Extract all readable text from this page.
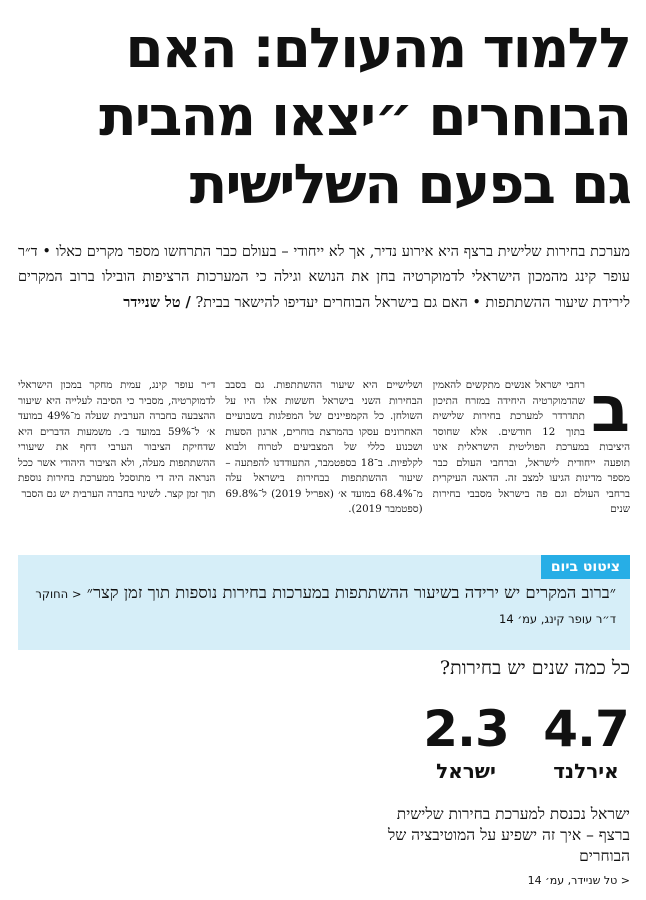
ללמוד מהעולם: האם
הבוחרים ״יצאו מהבית
גם בפעם השלישית
מערכת בחירות שלישית ברצף היא אירוע נדיר, אך לא ייחודי – בעולם כבר התרחשו מספר מקרים כאלו • ד״ר עופר קינג מהמכון הישראלי לדמוקרטיה בחן את הנושא וגילה כי המערכות הרציפות הובילו ברוב המקרים לירידת שיעור ההשתתפות • האם גם בישראל הבוחרים יעדיפו להישאר בבית? / טל שניידר
ב
רחבי ישראל אנשים מתקשים להאמין שהדמוקרטיה היחידה במזרח התיכון תתדרדר למערכת בחירות שלישית בתוך 12 חודשים. אלא שחוסר היציבות במערכת הפוליטית הישראלית אינו תופעה ייחודית לישראל, וברחבי העולם כבר מספר מדינות הגיעו למצב זה. הדאגה העיקרית ברחבי העולם וגם פה בישראל מסבבי בחירות שנים
ושלישיים היא שיעור ההשתתפות. גם בסבב הבחירות השני בישראל חששות אלו היו על השולחן. כל הקמפיינים של המפלגות בשבועיים האחרונים עסקו בהמרצת בוחרים, ארגון הסעות ושכנוע כללי של המצביעים לטרוח ולבוא לקלפיות. ב־18 בספטמבר, התעודדנו להפתעה – שיעור ההשתתפות בבחירות בישראל עלה מ־68.4% במועד א׳ (אפריל 2019) ל־69.8% (ספטמבר 2019).
ד״ר עופר קינג, עמית מחקר במכון הישראלי לדמוקרטיה, מסביר כי הסיבה לעלייה היא שיעור ההצבעה בחברה הערבית שעלה מ־49% במועד א׳ ל־59% במועד ב׳. משמעות הדברים היא שדחיקת הציבור הערבי דחף את שיעורי ההשתתפות מעלה, ולא הציבור היהודי אשר ככל הנראה היה די מתוסכל ממערכת בחירות נוספת תוך זמן קצר. לשינוי בחברה הערבית יש גם הסבר
ציטוט ביום
״ברוב המקרים יש ירידה בשיעור ההשתתפות במערכות בחירות נוספות תוך זמן קצר״ < החוקר ד״ר עופר קינג, עמ׳ 14
כל כמה שנים יש בחירות?
4.7
אירלנד
2.3
ישראל
ישראל נכנסת למערכת בחירות שלישית ברצף – איך זה ישפיע על המוטיבציה של הבוחרים
< טל שניידר, עמ׳ 14
